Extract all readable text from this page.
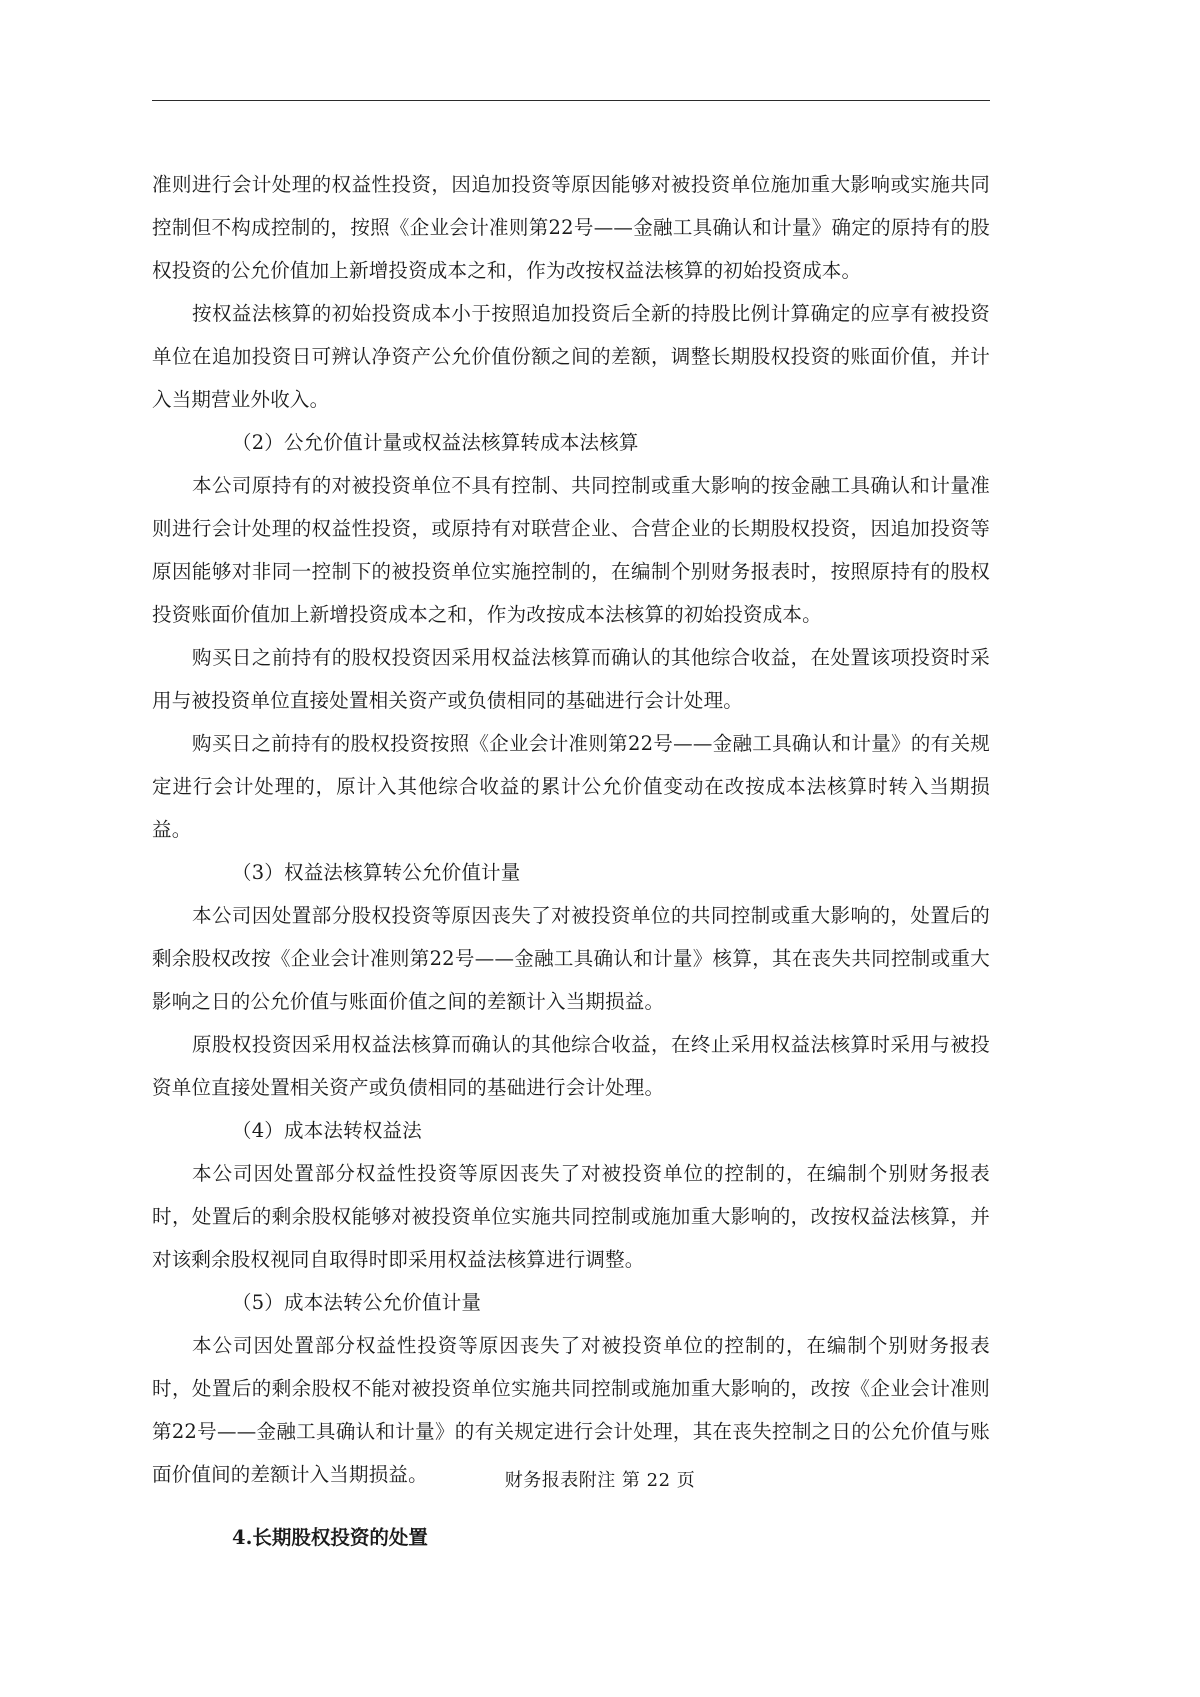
准则进行会计处理的权益性投资，因追加投资等原因能够对被投资单位施加重大影响或实施共同控制但不构成控制的，按照《企业会计准则第22号——金融工具确认和计量》确定的原持有的股权投资的公允价值加上新增投资成本之和，作为改按权益法核算的初始投资成本。

按权益法核算的初始投资成本小于按照追加投资后全新的持股比例计算确定的应享有被投资单位在追加投资日可辨认净资产公允价值份额之间的差额，调整长期股权投资的账面价值，并计入当期营业外收入。

（2）公允价值计量或权益法核算转成本法核算

本公司原持有的对被投资单位不具有控制、共同控制或重大影响的按金融工具确认和计量准则进行会计处理的权益性投资，或原持有对联营企业、合营企业的长期股权投资，因追加投资等原因能够对非同一控制下的被投资单位实施控制的，在编制个别财务报表时，按照原持有的股权投资账面价值加上新增投资成本之和，作为改按成本法核算的初始投资成本。

购买日之前持有的股权投资因采用权益法核算而确认的其他综合收益，在处置该项投资时采用与被投资单位直接处置相关资产或负债相同的基础进行会计处理。

购买日之前持有的股权投资按照《企业会计准则第22号——金融工具确认和计量》的有关规定进行会计处理的，原计入其他综合收益的累计公允价值变动在改按成本法核算时转入当期损益。

（3）权益法核算转公允价值计量

本公司因处置部分股权投资等原因丧失了对被投资单位的共同控制或重大影响的，处置后的剩余股权改按《企业会计准则第22号——金融工具确认和计量》核算，其在丧失共同控制或重大影响之日的公允价值与账面价值之间的差额计入当期损益。

原股权投资因采用权益法核算而确认的其他综合收益，在终止采用权益法核算时采用与被投资单位直接处置相关资产或负债相同的基础进行会计处理。

（4）成本法转权益法

本公司因处置部分权益性投资等原因丧失了对被投资单位的控制的，在编制个别财务报表时，处置后的剩余股权能够对被投资单位实施共同控制或施加重大影响的，改按权益法核算，并对该剩余股权视同自取得时即采用权益法核算进行调整。

（5）成本法转公允价值计量

本公司因处置部分权益性投资等原因丧失了对被投资单位的控制的，在编制个别财务报表时，处置后的剩余股权不能对被投资单位实施共同控制或施加重大影响的，改按《企业会计准则第22号——金融工具确认和计量》的有关规定进行会计处理，其在丧失控制之日的公允价值与账面价值间的差额计入当期损益。

4.长期股权投资的处置

财务报表附注 第 22 页
